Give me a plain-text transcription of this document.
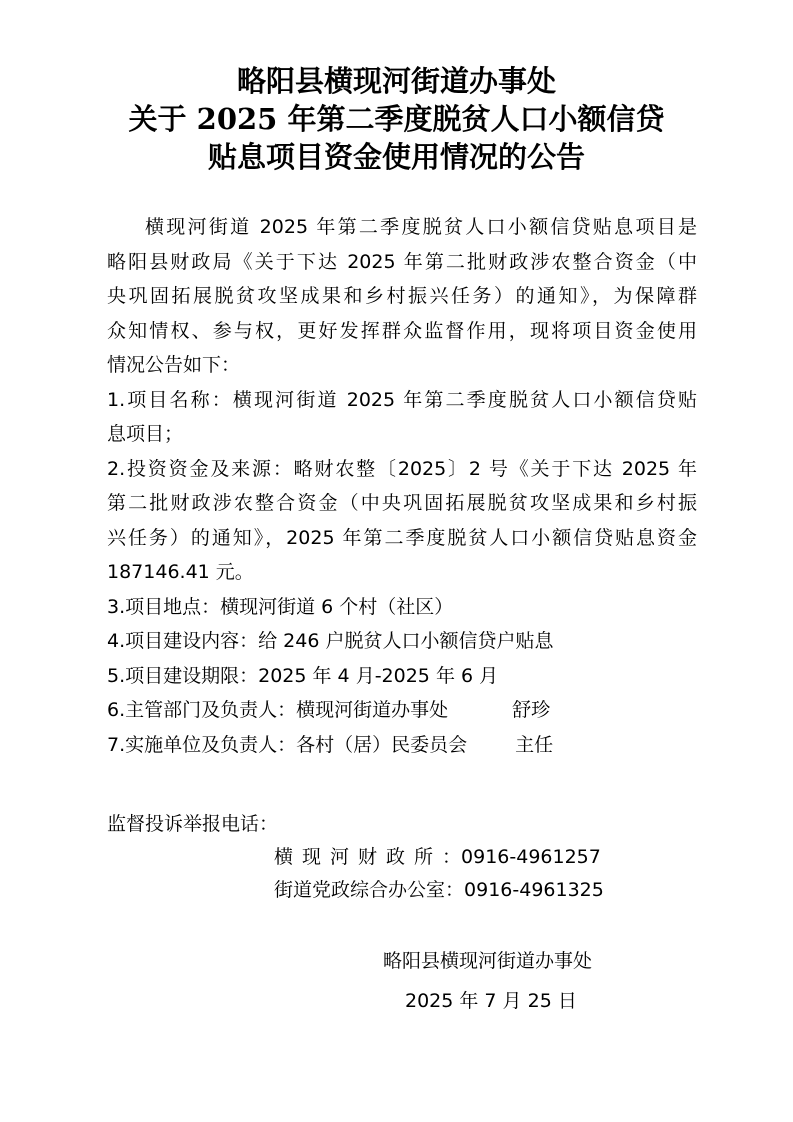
略阳县横现河街道办事处
关于 2025 年第二季度脱贫人口小额信贷
贴息项目资金使用情况的公告
横现河街道 2025 年第二季度脱贫人口小额信贷贴息项目是
略阳县财政局《关于下达 2025 年第二批财政涉农整合资金（中
央巩固拓展脱贫攻坚成果和乡村振兴任务）的通知》，为保障群
众知情权、参与权，更好发挥群众监督作用，现将项目资金使用
情况公告如下：
1.项目名称：横现河街道 2025 年第二季度脱贫人口小额信贷贴
息项目；
2.投资资金及来源：略财农整〔2025〕2 号《关于下达 2025 年
第二批财政涉农整合资金（中央巩固拓展脱贫攻坚成果和乡村振
兴任务）的通知》，2025 年第二季度脱贫人口小额信贷贴息资金
187146.41 元。
3.项目地点：横现河街道 6 个村（社区）
4.项目建设内容：给 246 户脱贫人口小额信贷户贴息
5.项目建设期限：2025 年 4 月-2025 年 6 月
6.主管部门及负责人：横现河街道办事处	舒珍
7.实施单位及负责人：各村（居）民委员会	主任
监督投诉举报电话：
横现河财政所：0916-4961257
街道党政综合办公室：0916-4961325
略阳县横现河街道办事处
2025 年 7 月 25 日
